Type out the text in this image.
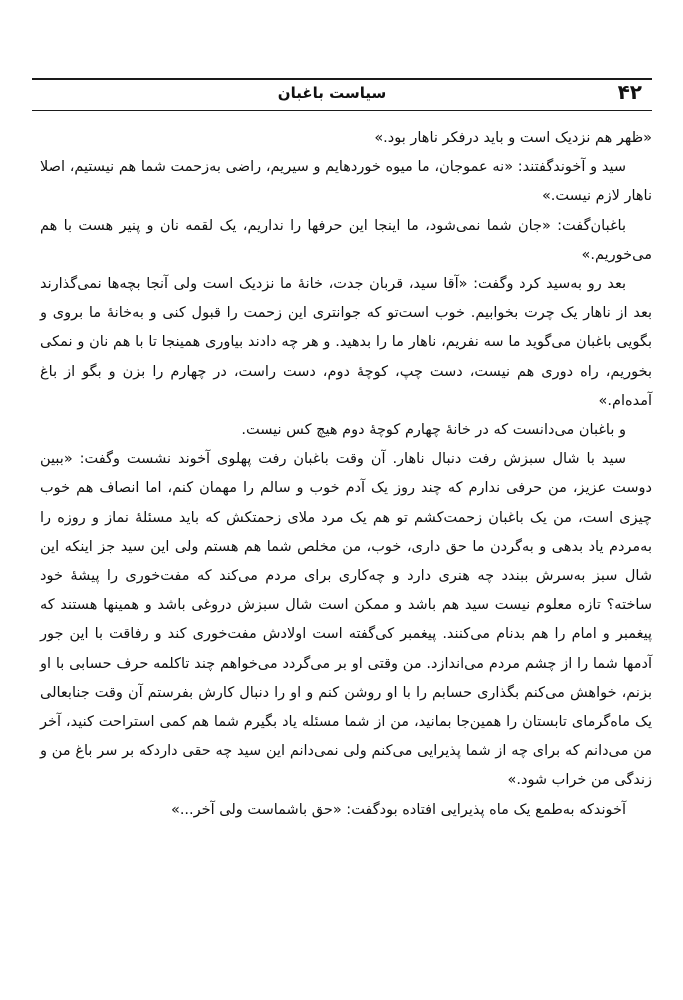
سیاست باغبان	۴۲

«ظهر هم نزدیک است و باید درفکر ناهار بود.»

سید و آخوندگفتند: «نه عموجان، ما میوه خوردهایم و سیریم، راضی به‌زحمت شما هم نیستیم، اصلا ناهار لازم نیست.»

باغبان‌گفت: «جان شما نمی‌شود، ما اینجا این حرفها را نداریم، یک لقمه نان و پنیر هست با هم می‌خوریم.»

بعد رو به‌سید کرد وگفت: «آقا سید، قربان جدت، خانهٔ ما نزدیک است ولی آنجا بچه‌ها نمی‌گذارند بعد از ناهار یک چرت بخوابیم. خوب است‌تو که جوانتری این زحمت را قبول کنی و به‌خانهٔ ما بروی و بگویی باغبان می‌گوید ما سه نفریم، ناهار ما را بدهید. و هر چه دادند بیاوری همینجا تا با هم نان و نمکی بخوریم، راه دوری هم نیست، دست چپ، کوچهٔ دوم، دست راست، در چهارم را بزن و بگو از باغ آمده‌ام.»

و باغبان می‌دانست که در خانهٔ چهارم کوچهٔ دوم هیچ کس نیست.

سید با شال سبزش رفت دنبال ناهار. آن وقت باغبان رفت پهلوی آخوند نشست وگفت: «ببین دوست عزیز، من حرفی ندارم که چند روز یک آدم خوب و سالم را مهمان کنم، اما انصاف هم خوب چیزی است، من یک باغبان زحمت‌کشم تو هم یک مرد ملای زحمتکش که باید مسئلهٔ نماز و روزه را به‌مردم یاد بدهی و به‌گردن ما حق داری، خوب، من مخلص شما هم هستم ولی این سید جز اینکه این شال سبز به‌سرش ببندد چه هنری دارد و چه‌کاری برای مردم می‌کند که مفت‌خوری را پیشهٔ خود ساخته؟ تازه معلوم نیست سید هم باشد و ممکن است شال سبزش دروغی باشد و همینها هستند که پیغمبر و امام را هم بدنام می‌کنند. پیغمبر کی‌گفته است اولادش مفت‌خوری کند و رفاقت با این جور آدمها شما را از چشم مردم می‌اندازد. من وقتی او بر می‌گردد می‌خواهم چند تا‌کلمه حرف حسابی با او بزنم، خواهش می‌کنم بگذاری حسابم را با او روشن کنم و او را دنبال کارش بفرستم آن وقت جنابعالی یک ماه‌گرمای تابستان را همین‌جا بمانید، من از شما مسئله یاد بگیرم شما هم کمی استراحت کنید، آخر من می‌دانم که برای چه از شما پذیرایی می‌کنم ولی نمی‌دانم این سید چه حقی داردکه بر سر باغ من و زندگی من خراب شود.»

آخوندکه به‌طمع یک ماه پذیرایی افتاده بودگفت: «حق با‌شماست ولی آخر...»
